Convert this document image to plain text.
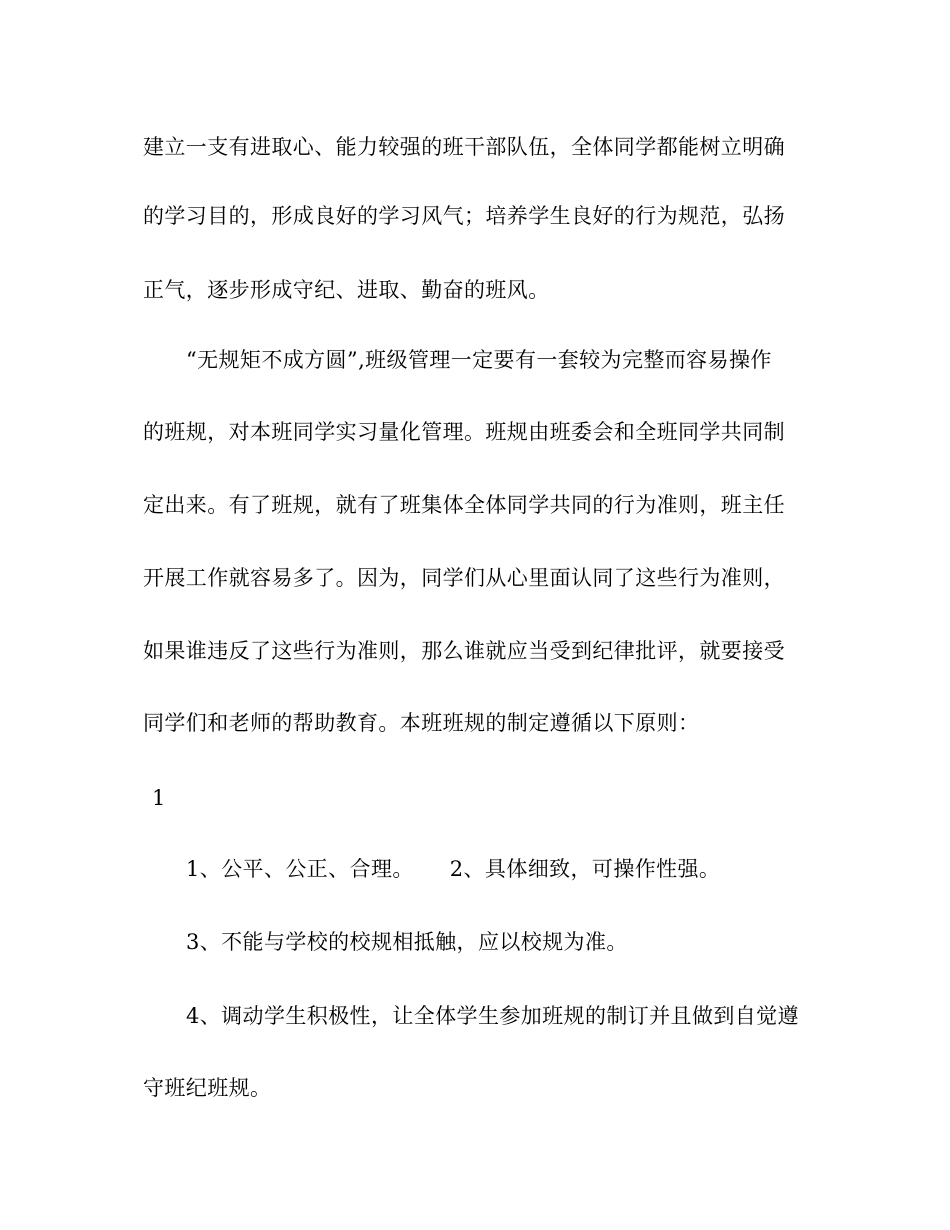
建立一支有进取心、能力较强的班干部队伍，全体同学都能树立明确
的学习目的，形成良好的学习风气；培养学生良好的行为规范，弘扬
正气，逐步形成守纪、进取、勤奋的班风。
“无规矩不成方圆”,班级管理一定要有一套较为完整而容易操作
的班规，对本班同学实习量化管理。班规由班委会和全班同学共同制
定出来。有了班规，就有了班集体全体同学共同的行为准则，班主任
开展工作就容易多了。因为，同学们从心里面认同了这些行为准则，
如果谁违反了这些行为准则，那么谁就应当受到纪律批评，就要接受
同学们和老师的帮助教育。本班班规的制定遵循以下原则：
1
1、公平、公正、合理。 2、具体细致，可操作性强。
3、不能与学校的校规相抵触，应以校规为准。
4、调动学生积极性，让全体学生参加班规的制订并且做到自觉遵
守班纪班规。
